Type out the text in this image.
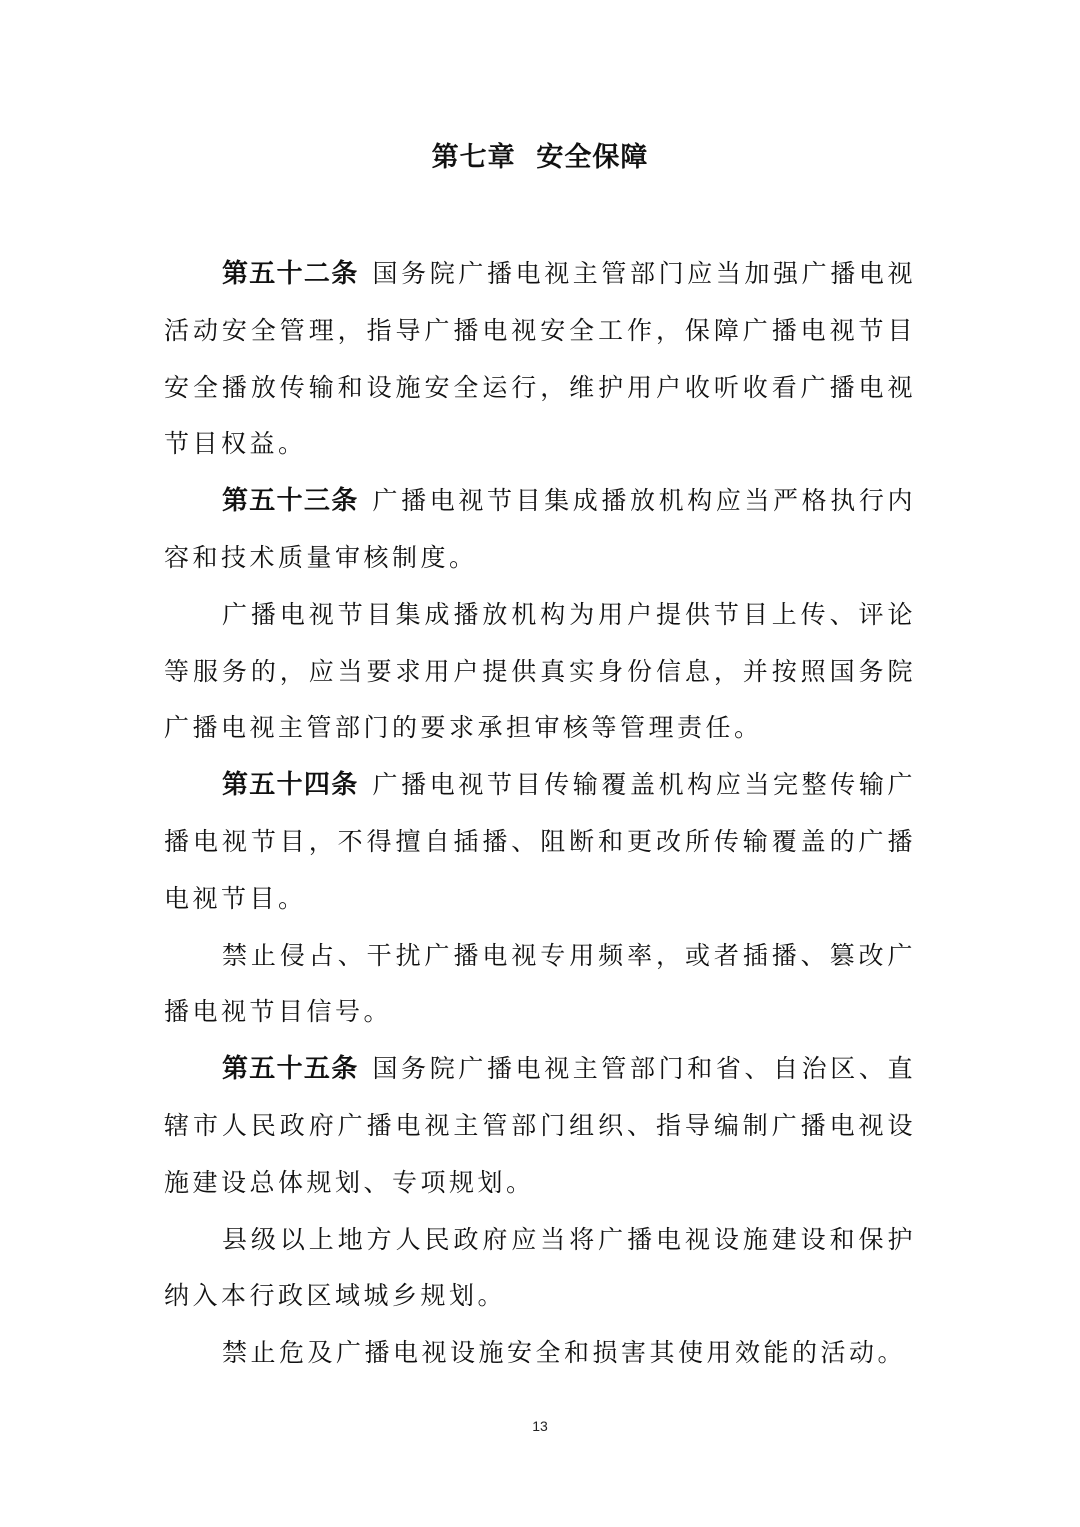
第七章  安全保障

第五十二条 国务院广播电视主管部门应当加强广播电视活动安全管理，指导广播电视安全工作，保障广播电视节目安全播放传输和设施安全运行，维护用户收听收看广播电视节目权益。

第五十三条 广播电视节目集成播放机构应当严格执行内容和技术质量审核制度。

广播电视节目集成播放机构为用户提供节目上传、评论等服务的，应当要求用户提供真实身份信息，并按照国务院广播电视主管部门的要求承担审核等管理责任。

第五十四条 广播电视节目传输覆盖机构应当完整传输广播电视节目，不得擅自插播、阻断和更改所传输覆盖的广播电视节目。

禁止侵占、干扰广播电视专用频率，或者插播、篡改广播电视节目信号。

第五十五条 国务院广播电视主管部门和省、自治区、直辖市人民政府广播电视主管部门组织、指导编制广播电视设施建设总体规划、专项规划。

县级以上地方人民政府应当将广播电视设施建设和保护纳入本行政区域城乡规划。

禁止危及广播电视设施安全和损害其使用效能的活动。

13
